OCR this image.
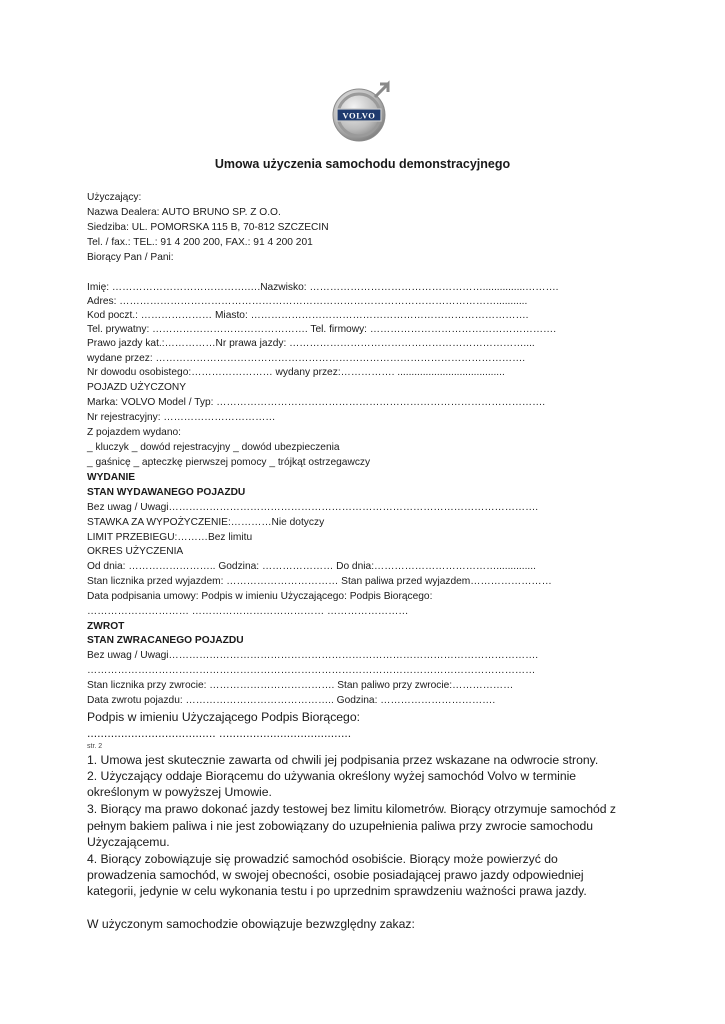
VOLVO
Umowa użyczenia samochodu demonstracyjnego
Użyczający:
Nazwa Dealera: AUTO BRUNO SP. Z O.O.
Siedziba: UL. POMORSKA 115 B, 70-812 SZCZECIN
Tel. / fax.: TEL.: 91 4 200 200, FAX.: 91 4 200 201
Biorący Pan / Pani:
Imię: ………………………………….….Nazwisko: ……………………………………………...............……….
Adres: …………………………………………………………………………………………………...........
Kod poczt.: ………………… Miasto: ……………………………………………………………………….
Tel. prywatny: ………………………………………. Tel. firmowy: ……………………………………………….
Prawo jazdy kat.:……………Nr prawa jazdy: ……………………………………………………………....
wydane przez: ……………………………………………………………………………………………….
Nr dowodu osobistego:…………………… wydany przez:……………. ......................................
POJAZD UŻYCZONY
Marka: VOLVO Model / Typ: …………………………………………………………………………………….
Nr rejestracyjny: ……………………………
Z pojazdem wydano:
_ kluczyk _ dowód rejestracyjny _ dowód ubezpieczenia
_ gaśnicę _ apteczkę pierwszej pomocy _ trójkąt ostrzegawczy
WYDANIE
STAN WYDAWANEGO POJAZDU
Bez uwag / Uwagi……………………………………………………………………………………………….
STAWKA ZA WYPOŻYCZENIE:…………Nie dotyczy
LIMIT PRZEBIEGU:………Bez limitu
OKRES UŻYCZENIA
Od dnia: …………………….. Godzina: ………………… Do dnia:………………………………..............
Stan licznika przed wyjazdem: …………………………… Stan paliwa przed wyjazdem……………………
Data podpisania umowy: Podpis w imieniu Użyczającego: Podpis Biorącego:
………………………… ………………………………… ……………………
ZWROT
STAN ZWRACANEGO POJAZDU
Bez uwag / Uwagi……………………………………………………………………………………………….
……………………………………………………………………………………………………………………
Stan licznika przy zwrocie: ………………………………. Stan paliwo przy zwrocie:………………
Data zwrotu pojazdu: …………………………………….. Godzina: …………………………….
Podpis w imieniu Użyczającego Podpis Biorącego:
...................................... .......................................
str. 2
1. Umowa jest skutecznie zawarta od chwili jej podpisania przez wskazane na odwrocie strony.
2. Użyczający oddaje Biorącemu do używania określony wyżej samochód Volvo w terminie
określonym w powyższej Umowie.
3. Biorący ma prawo dokonać jazdy testowej bez limitu kilometrów. Biorący otrzymuje samochód z
pełnym bakiem paliwa i nie jest zobowiązany do uzupełnienia paliwa przy zwrocie samochodu
Użyczającemu.
4. Biorący zobowiązuje się prowadzić samochód osobiście. Biorący może powierzyć do
prowadzenia samochód, w swojej obecności, osobie posiadającej prawo jazdy odpowiedniej
kategorii, jedynie w celu wykonania testu i po uprzednim sprawdzeniu ważności prawa jazdy.
W użyczonym samochodzie obowiązuje bezwzględny zakaz:
